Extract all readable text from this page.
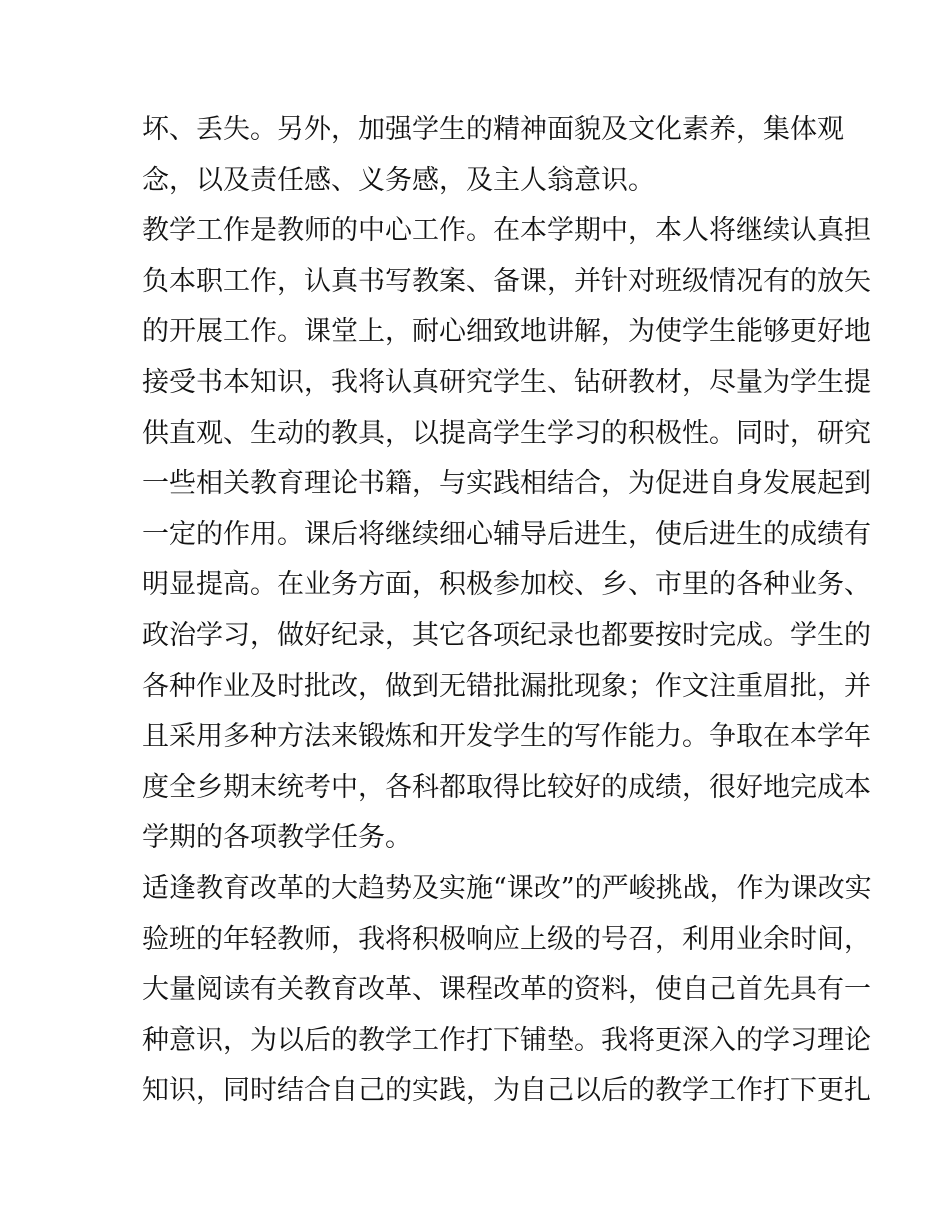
坏、丢失。另外，加强学生的精神面貌及文化素养，集体观
念，以及责任感、义务感，及主人翁意识。
教学工作是教师的中心工作。在本学期中，本人将继续认真担
负本职工作，认真书写教案、备课，并针对班级情况有的放矢
的开展工作。课堂上，耐心细致地讲解，为使学生能够更好地
接受书本知识，我将认真研究学生、钻研教材，尽量为学生提
供直观、生动的教具，以提高学生学习的积极性。同时，研究
一些相关教育理论书籍，与实践相结合，为促进自身发展起到
一定的作用。课后将继续细心辅导后进生，使后进生的成绩有
明显提高。在业务方面，积极参加校、乡、市里的各种业务、
政治学习，做好纪录，其它各项纪录也都要按时完成。学生的
各种作业及时批改，做到无错批漏批现象；作文注重眉批，并
且采用多种方法来锻炼和开发学生的写作能力。争取在本学年
度全乡期末统考中，各科都取得比较好的成绩，很好地完成本
学期的各项教学任务。
适逢教育改革的大趋势及实施“课改”的严峻挑战，作为课改实
验班的年轻教师，我将积极响应上级的号召，利用业余时间，
大量阅读有关教育改革、课程改革的资料，使自己首先具有一
种意识，为以后的教学工作打下铺垫。我将更深入的学习理论
知识，同时结合自己的实践，为自己以后的教学工作打下更扎
